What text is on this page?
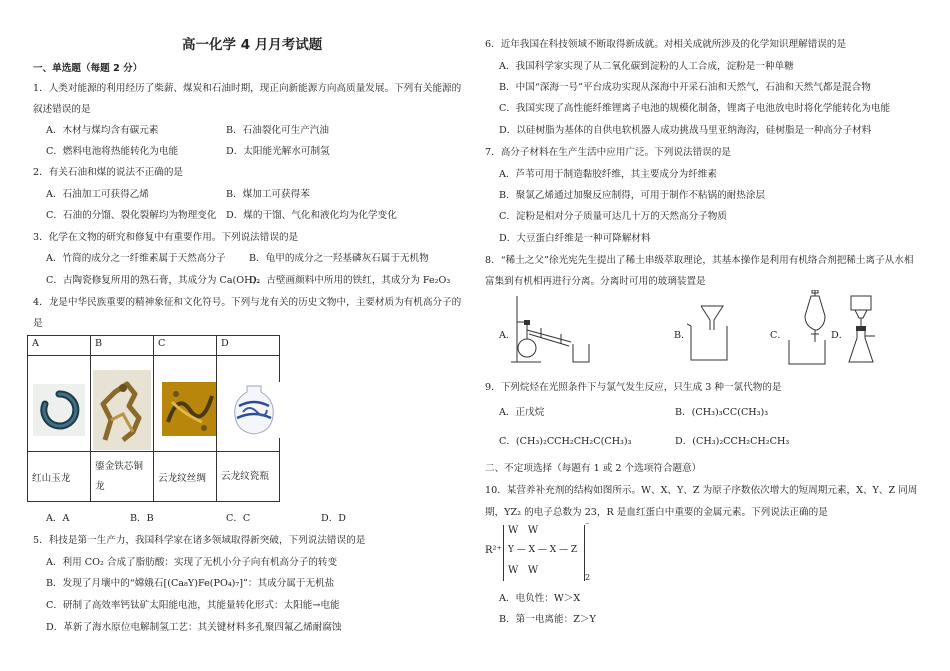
高一化学 4 月月考试题
一、单选题（每题 2 分）
1．人类对能源的利用经历了柴薪、煤炭和石油时期，现正向新能源方向高质量发展。下列有关能源的
叙述错误的是
A．木材与煤均含有碳元素	B．石油裂化可生产汽油
C．燃料电池将热能转化为电能	D．太阳能光解水可制氢
2．有关石油和煤的说法不正确的是
A．石油加工可获得乙烯	B．煤加工可获得苯
C．石油的分馏、裂化裂解均为物理变化 D．煤的干馏、气化和液化均为化学变化
3．化学在文物的研究和修复中有重要作用。下列说法错误的是
A．竹简的成分之一纤维素属于天然高分子 B．龟甲的成分之一羟基磷灰石属于无机物
C．古陶瓷修复所用的熟石膏，其成分为 Ca(OH)₂
D．古壁画颜料中所用的铁红，其成分为 Fe₂O₃
4．龙是中华民族重要的精神象征和文化符号。下列与龙有关的历史文物中，主要材质为有机高分子的
是
A	B	C	D

红山玉龙	鎏金铁芯铜龙	云龙纹丝绸	云龙纹瓷瓶
A．A	B．B	C．C	D．D
5．科技是第一生产力，我国科学家在诸多领域取得新突破，下列说法错误的是
A．利用 CO₂ 合成了脂肪酸：实现了无机小分子向有机高分子的转变
B．发现了月壤中的“嫦娥石[(Ca₈Y)Fe(PO₄)₇]”：其成分属于无机盐
C．研制了高效率钙钛矿太阳能电池，其能量转化形式：太阳能→电能
D．革新了海水原位电解制氢工艺：其关键材料多孔聚四氟乙烯耐腐蚀
6．近年我国在科技领域不断取得新成就。对相关成就所涉及的化学知识理解错误的是
A．我国科学家实现了从二氧化碳到淀粉的人工合成，淀粉是一种单糖
B．中国“深海一号”平台成功实现从深海中开采石油和天然气，石油和天然气都是混合物
C．我国实现了高性能纤维锂离子电池的规模化制备，锂离子电池放电时将化学能转化为电能
D．以硅树脂为基体的自供电软机器人成功挑战马里亚纳海沟，硅树脂是一种高分子材料
7．高分子材料在生产生活中应用广泛。下列说法错误的是
A．芦苇可用于制造黏胶纤维，其主要成分为纤维素
B．聚氯乙烯通过加聚反应制得，可用于制作不粘锅的耐热涂层
C．淀粉是相对分子质量可达几十万的天然高分子物质
D．大豆蛋白纤维是一种可降解材料
8．“稀土之父”徐光宪先生提出了稀土串级萃取理论，其基本操作是利用有机络合剂把稀土离子从水相
富集到有机相再进行分离。分离时可用的玻璃装置是
A．	B．	C．	D．
9．下列烷烃在光照条件下与氯气发生反应，只生成 3 种一氯代物的是
A．正戊烷	B．(CH₃)₃CC(CH₃)₃
C．(CH₃)₂CCH₂CH₂C(CH₃)₃	D．(CH₃)₂CCH₂CH₂CH₃
二、不定项选择（每题有 1 或 2 个选项符合题意）
10．某营养补充剂的结构如图所示。W、X、Y、Z 为原子序数依次增大的短周期元素，X、Y、Z 同周
期，YZ₂ 的电子总数为 23，R 是血红蛋白中重要的金属元素。下列说法正确的是
R²⁺
W   W
Y — X — X — Z
W   W
⁻
2
A．电负性：W＞X
B．第一电离能：Z＞Y
